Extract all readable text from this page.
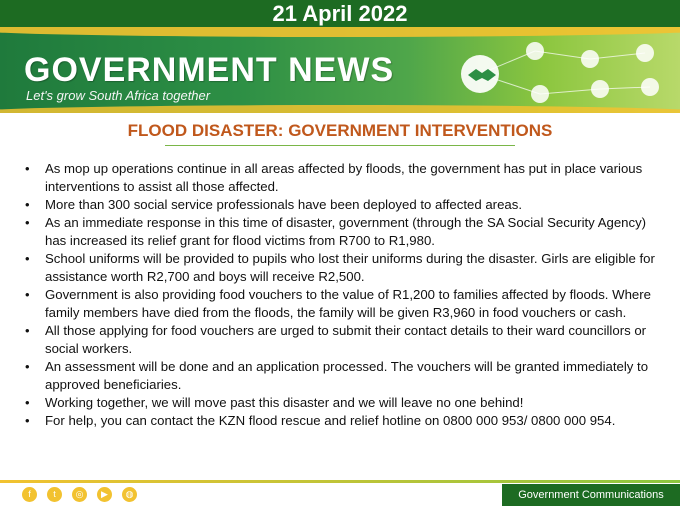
21 April 2022
GOVERNMENT NEWS
Let's grow South Africa together
FLOOD DISASTER: GOVERNMENT INTERVENTIONS
• As mop up operations continue in all areas affected by floods, the government has put in place various interventions to assist all those affected.
• More than 300 social service professionals have been deployed to affected areas.
• As an immediate response in this time of disaster, government (through the SA Social Security Agency) has increased its relief grant for flood victims from R700 to R1,980.
• School uniforms will be provided to pupils who lost their uniforms during the disaster. Girls are eligible for assistance worth R2,700 and boys will receive R2,500.
• Government is also providing food vouchers to the value of R1,200 to families affected by floods. Where family members have died from the floods, the family will be given R3,960 in food vouchers or cash.
• All those applying for food vouchers are urged to submit their contact details to their ward councillors or social workers.
• An assessment will be done and an application processed. The vouchers will be granted immediately to approved beneficiaries.
• Working together, we will move past this disaster and we will leave no one behind!
• For help, you can contact the KZN flood rescue and relief hotline on 0800 000 953/ 0800 000 954.
f t ◎ ▶ ◍	Government Communications (GCIS)
